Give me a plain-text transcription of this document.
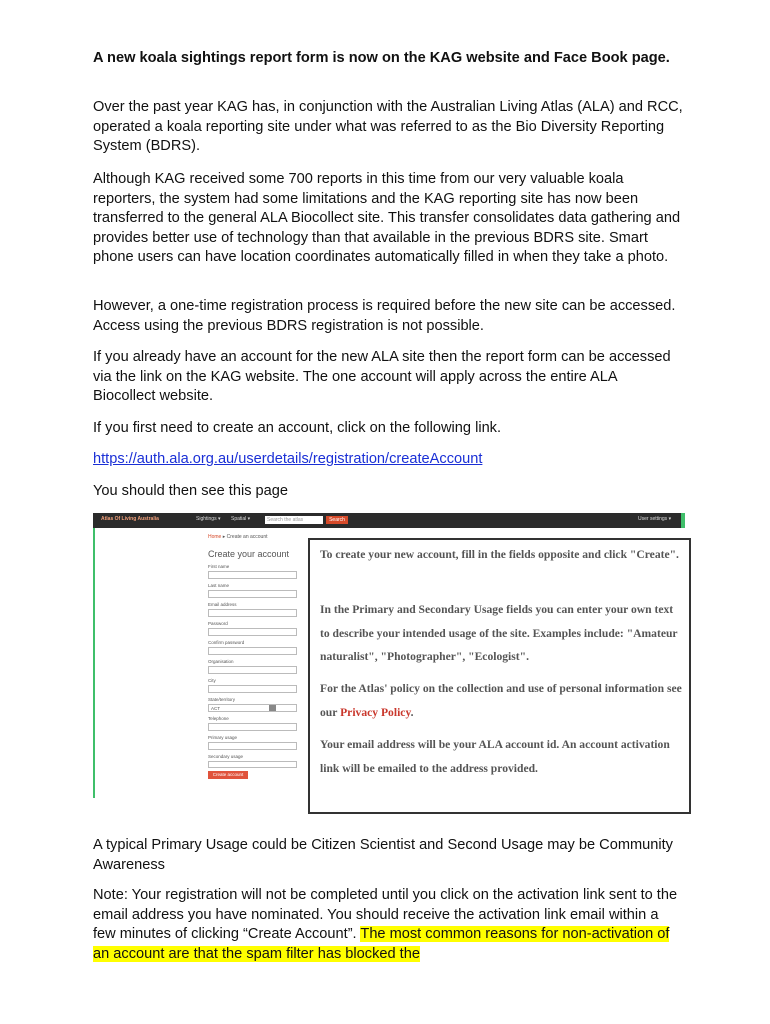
A new koala sightings report form is now on the KAG website and Face Book page.

Over the past year KAG has, in conjunction with the Australian Living Atlas (ALA) and RCC, operated a koala reporting site under what was referred to as the Bio Diversity Reporting System (BDRS).

Although KAG received some 700 reports in this time from our very valuable koala reporters, the system had some limitations and the KAG reporting site has now been transferred to the general ALA Biocollect site. This transfer consolidates data gathering and provides better use of technology than that available in the previous BDRS site. Smart phone users can have location coordinates automatically filled in when they take a photo.

However, a one-time registration process is required before the new site can be accessed. Access using the previous BDRS registration is not possible.

If you already have an account for the new ALA site then the report form can be accessed via the link on the KAG website. The one account will apply across the entire ALA Biocollect website.

If you first need to create an account, click on the following link.

https://auth.ala.org.au/userdetails/registration/createAccount

You should then see this page

Atlas Of Living Australia	Sightings ▾ Spatial ▾	Search the atlas	Search	User settings ▾
Home ▸ Create an account
Create your account
First name
Last name
Email address
Password
Confirm password
Organisation
City
State/territory
ACT
Telephone
Primary usage
Secondary usage
Create account

To create your new account, fill in the fields opposite and click "Create".

In the Primary and Secondary Usage fields you can enter your own text to describe your intended usage of the site. Examples include: "Amateur naturalist", "Photographer", "Ecologist".

For the Atlas' policy on the collection and use of personal information see our Privacy Policy.

Your email address will be your ALA account id. An account activation link will be emailed to the address provided.

A typical Primary Usage could be Citizen Scientist and Second Usage may be Community Awareness

Note: Your registration will not be completed until you click on the activation link sent to the email address you have nominated. You should receive the activation link email within a few minutes of clicking “Create Account”. The most common reasons for non-activation of an account are that the spam filter has blocked the
